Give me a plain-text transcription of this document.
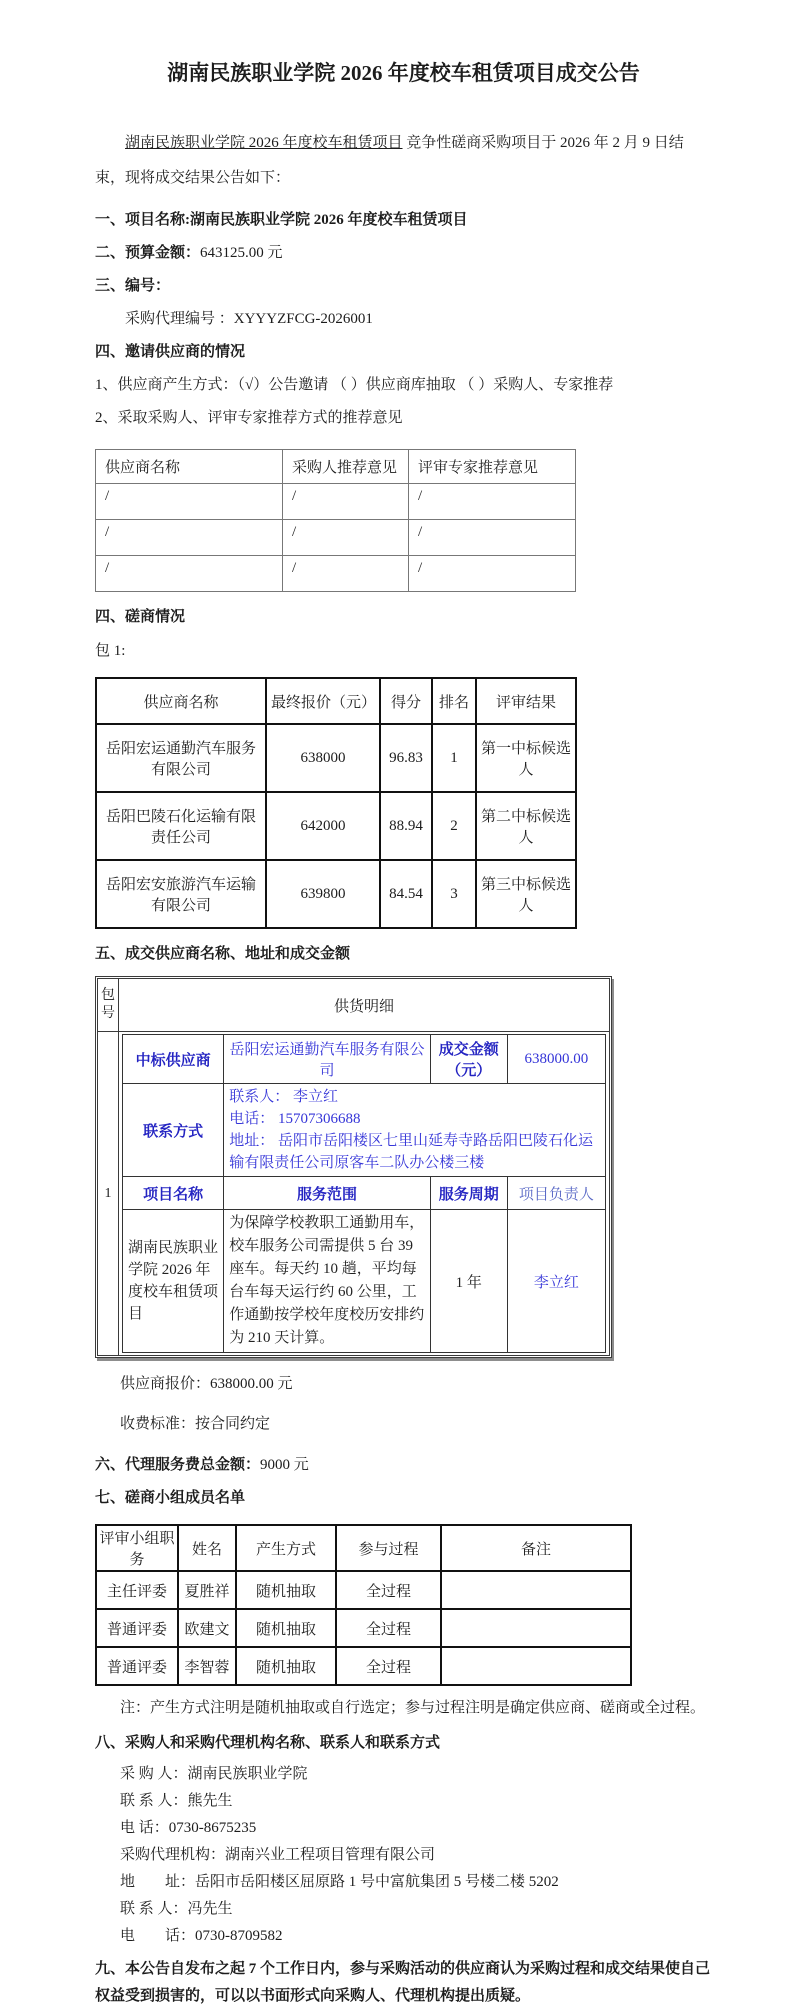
湖南民族职业学院 2026 年度校车租赁项目成交公告
湖南民族职业学院 2026 年度校车租赁项目 竞争性磋商采购项目于 2026 年 2 月 9 日结束，现将成交结果公告如下：
一、项目名称:湖南民族职业学院 2026 年度校车租赁项目
二、预算金额：643125.00 元
三、编号：
采购代理编号 ：XYYYZFCG-2026001
四、邀请供应商的情况
1、供应商产生方式：（√）公告邀请 （ ）供应商库抽取 （ ）采购人、专家推荐
2、采取采购人、评审专家推荐方式的推荐意见
供应商名称	采购人推荐意见	评审专家推荐意见
/	/	/
/	/	/
/	/	/
四、磋商情况
包 1:
供应商名称	最终报价（元）	得分	排名	评审结果
岳阳宏运通勤汽车服务有限公司	638000	96.83	1	第一中标候选人
岳阳巴陵石化运输有限责任公司	642000	88.94	2	第二中标候选人
岳阳宏安旅游汽车运输有限公司	639800	84.54	3	第三中标候选人
五、成交供应商名称、地址和成交金额
包号	供货明细
1	
中标供应商	岳阳宏运通勤汽车服务有限公司	成交金额（元）	638000.00
联系方式	
联系人： 李立红
电话： 15707306688
地址： 岳阳市岳阳楼区七里山延寿寺路岳阳巴陵石化运输有限责任公司原客车二队办公楼三楼

项目名称	服务范围	服务周期	项目负责人
湖南民族职业学院 2026 年度校车租赁项目	为保障学校教职工通勤用车，校车服务公司需提供 5 台 39 座车。每天约 10 趟，平均每台车每天运行约 60 公里，工作通勤按学校年度校历安排约为 210 天计算。	1 年	李立红
供应商报价：638000.00 元
收费标准：按合同约定
六、代理服务费总金额：9000 元
七、磋商小组成员名单
评审小组职务	姓名	产生方式	参与过程	备注
主任评委	夏胜祥	随机抽取	全过程	
普通评委	欧建文	随机抽取	全过程	
普通评委	李智蓉	随机抽取	全过程	
注：产生方式注明是随机抽取或自行选定；参与过程注明是确定供应商、磋商或全过程。
八、采购人和采购代理机构名称、联系人和联系方式
采 购 人：湖南民族职业学院
联 系 人：熊先生
电 话：0730-8675235
采购代理机构：湖南兴业工程项目管理有限公司
地　　址：岳阳市岳阳楼区屈原路 1 号中富航集团 5 号楼二楼 5202
联 系 人：冯先生
电　　话：0730-8709582
九、本公告自发布之起 7 个工作日内，参与采购活动的供应商认为采购过程和成交结果使自己权益受到损害的，可以以书面形式向采购人、代理机构提出质疑。
